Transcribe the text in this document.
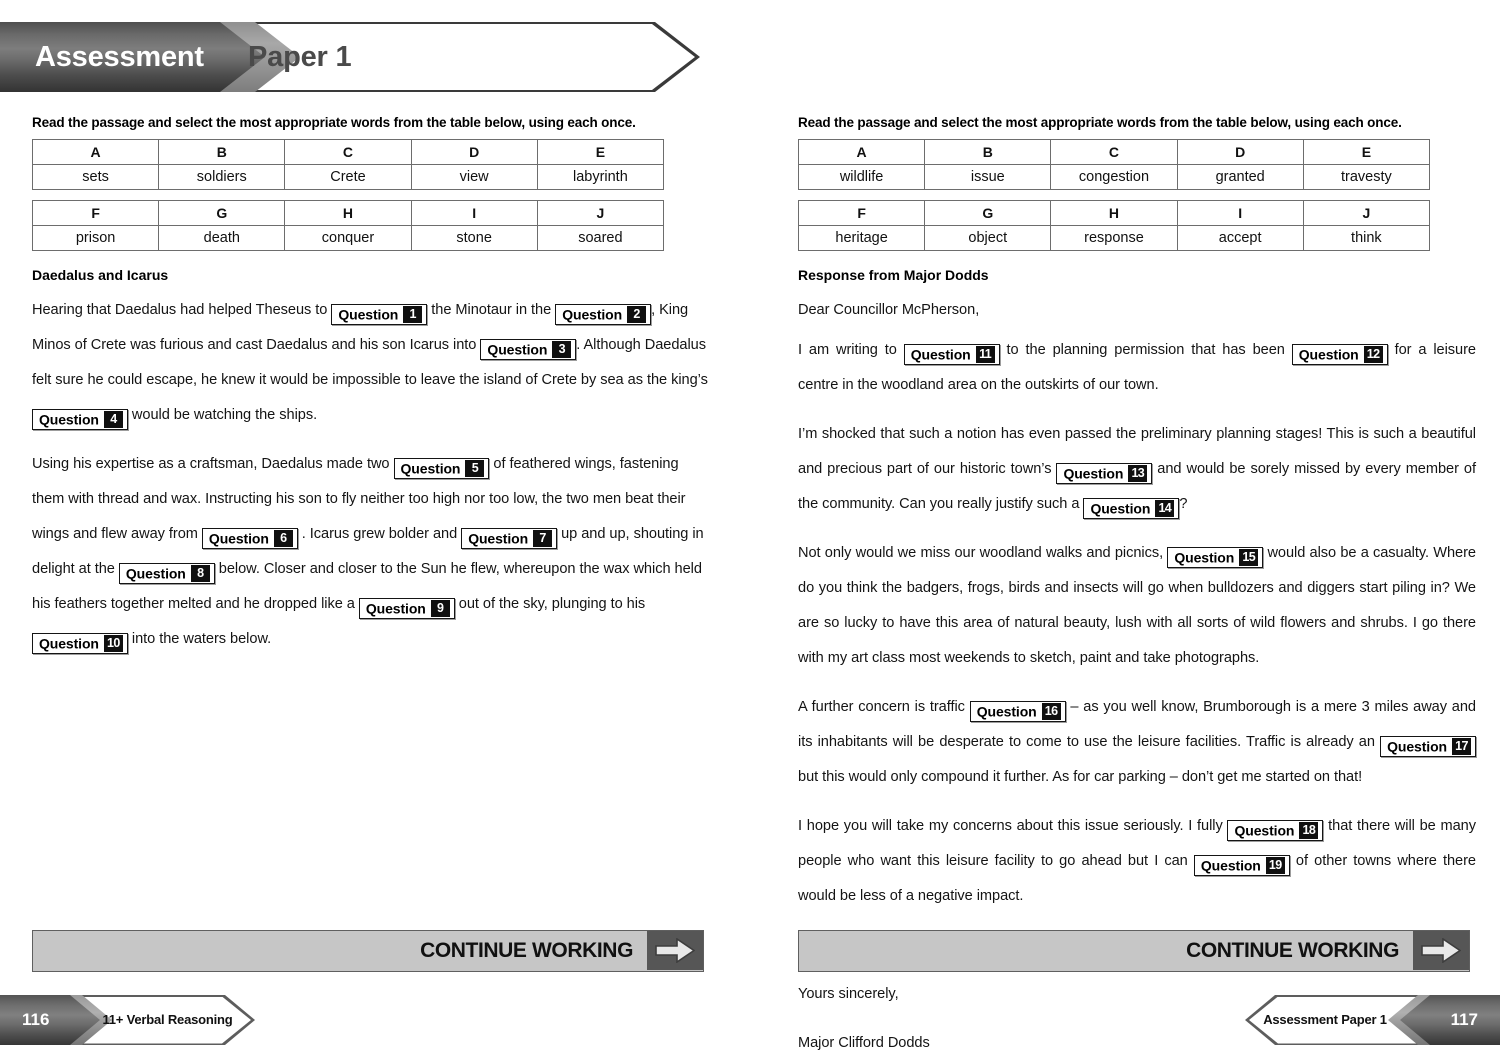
Assessment Paper 1

Read the passage and select the most appropriate words from the table below, using each once.

A	B	C	D	E
sets	soldiers	Crete	view	labyrinth
F	G	H	I	J
prison	death	conquer	stone	soared

Daedalus and Icarus

Hearing that Daedalus had helped Theseus to Question 1 the Minotaur in the Question 2 , King Minos of Crete was furious and cast Daedalus and his son Icarus into Question 3 . Although Daedalus felt sure he could escape, he knew it would be impossible to leave the island of Crete by sea as the king’s Question 4 would be watching the ships.

Using his expertise as a craftsman, Daedalus made two Question 5 of feathered wings, fastening them with thread and wax. Instructing his son to fly neither too high nor too low, the two men beat their wings and flew away from Question 6 . Icarus grew bolder and Question 7 up and up, shouting in delight at the Question 8 below. Closer and closer to the Sun he flew, whereupon the wax which held his feathers together melted and he dropped like a Question 9 out of the sky, plunging to his Question 10 into the waters below.

Read the passage and select the most appropriate words from the table below, using each once.

A	B	C	D	E
wildlife	issue	congestion	granted	travesty
F	G	H	I	J
heritage	object	response	accept	think

Response from Major Dodds

Dear Councillor McPherson,

I am writing to Question 11 to the planning permission that has been Question 12 for a leisure centre in the woodland area on the outskirts of our town.

I’m shocked that such a notion has even passed the preliminary planning stages! This is such a beautiful and precious part of our historic town’s Question 13 and would be sorely missed by every member of the community. Can you really justify such a Question 14 ?

Not only would we miss our woodland walks and picnics, Question 15 would also be a casualty. Where do you think the badgers, frogs, birds and insects will go when bulldozers and diggers start piling in? We are so lucky to have this area of natural beauty, lush with all sorts of wild flowers and shrubs. I go there with my art class most weekends to sketch, paint and take photographs.

A further concern is traffic Question 16 – as you well know, Brumborough is a mere 3 miles away and its inhabitants will be desperate to come to use the leisure facilities. Traffic is already an Question 17 but this would only compound it further. As for car parking – don’t get me started on that!

I hope you will take my concerns about this issue seriously. I fully Question 18 that there will be many people who want this leisure facility to go ahead but I can Question 19 of other towns where there would be less of a negative impact.

Yours sincerely,

Major Clifford Dodds

CONTINUE WORKING	CONTINUE WORKING
116	11+ Verbal Reasoning	117
Assessment Paper 1
